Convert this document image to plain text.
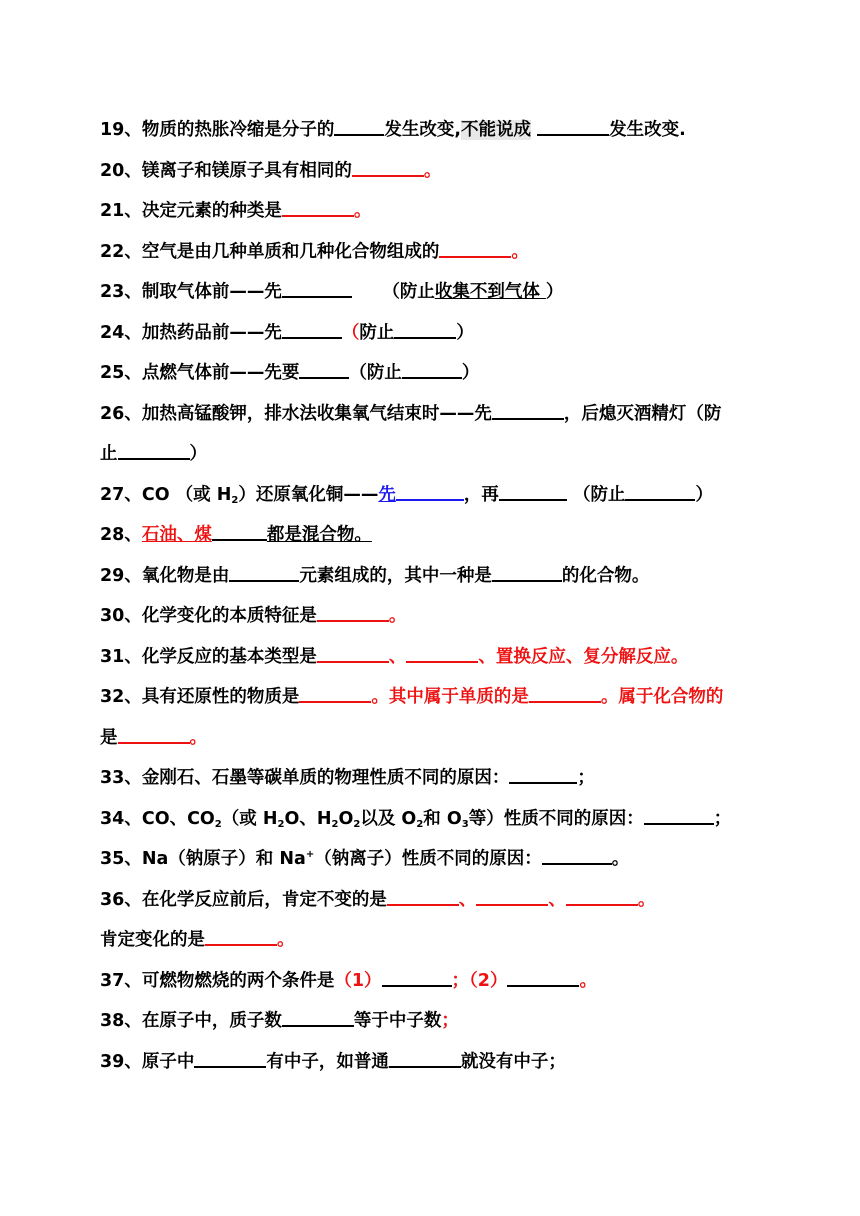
19、物质的热胀冷缩是分子的	发生改变,不能说成	发生改变.
20、镁离子和镁原子具有相同的	。
21、决定元素的种类是	。
22、空气是由几种单质和几种化合物组成的	。
23、制取气体前——先	（防止收集不到气体 ）
24、加热药品前——先	（防止	）
25、点燃气体前——先要	（防止	）
26、加热高锰酸钾，排水法收集氧气结束时——先	，后熄灭酒精灯（防
止	）
27、CO （或 $H_2$）还原氧化铜——先	，再	（防止	）
28、石油、煤	都是混合物。
29、氧化物是由	元素组成的，其中一种是	的化合物。
30、化学变化的本质特征是	。
31、化学反应的基本类型是	、	、置换反应、复分解反应。
32、具有还原性的物质是	。其中属于单质的是	。属于化合物的
是	。
33、金刚石、石墨等碳单质的物理性质不同的原因：	；
34、CO、$CO_2$（或 $H_2O$、$H_2O_2$以及 $O_2$和 $O_3$等）性质不同的原因：	；
35、Na（钠原子）和 Na+（钠离子）性质不同的原因：	。
36、在化学反应前后，肯定不变的是	、	、	。
肯定变化的是	。
37、可燃物燃烧的两个条件是（1）	；（2）	。
38、在原子中，质子数	等于中子数；
39、原子中	有中子，如普通	就没有中子；
